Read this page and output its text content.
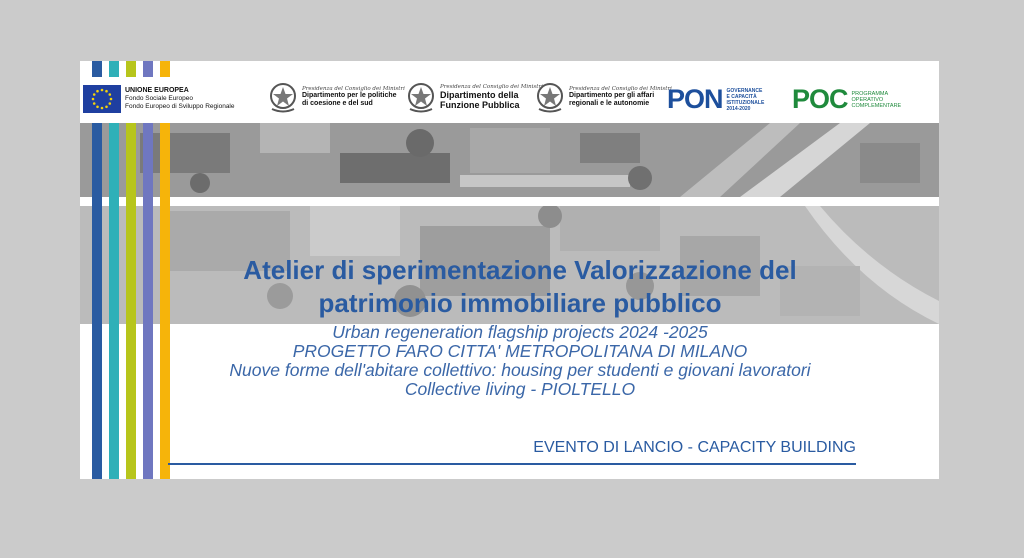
UNIONE EUROPEA
Fondo Sociale Europeo
Fondo Europeo di Sviluppo Regionale
Presidenza del Consiglio dei Ministri
Dipartimento per le politiche
di coesione e del sud
Presidenza del Consiglio dei Ministri
Dipartimento della
Funzione Pubblica
Presidenza del Consiglio dei Ministri
Dipartimento per gli affari
regionali e le autonomie PON GOVERNANCE
E CAPACITÀ
ISTITUZIONALE
2014-2020	POC PROGRAMMA
OPERATIVO
COMPLEMENTARE
Atelier di sperimentazione Valorizzazione del
patrimonio immobiliare pubblico
Urban regeneration flagship projects 2024 -2025
PROGETTO FARO CITTA' METROPOLITANA DI MILANO
Nuove forme dell'abitare collettivo: housing per studenti e giovani lavoratori
Collective living - PIOLTELLO
EVENTO DI LANCIO - CAPACITY BUILDING
